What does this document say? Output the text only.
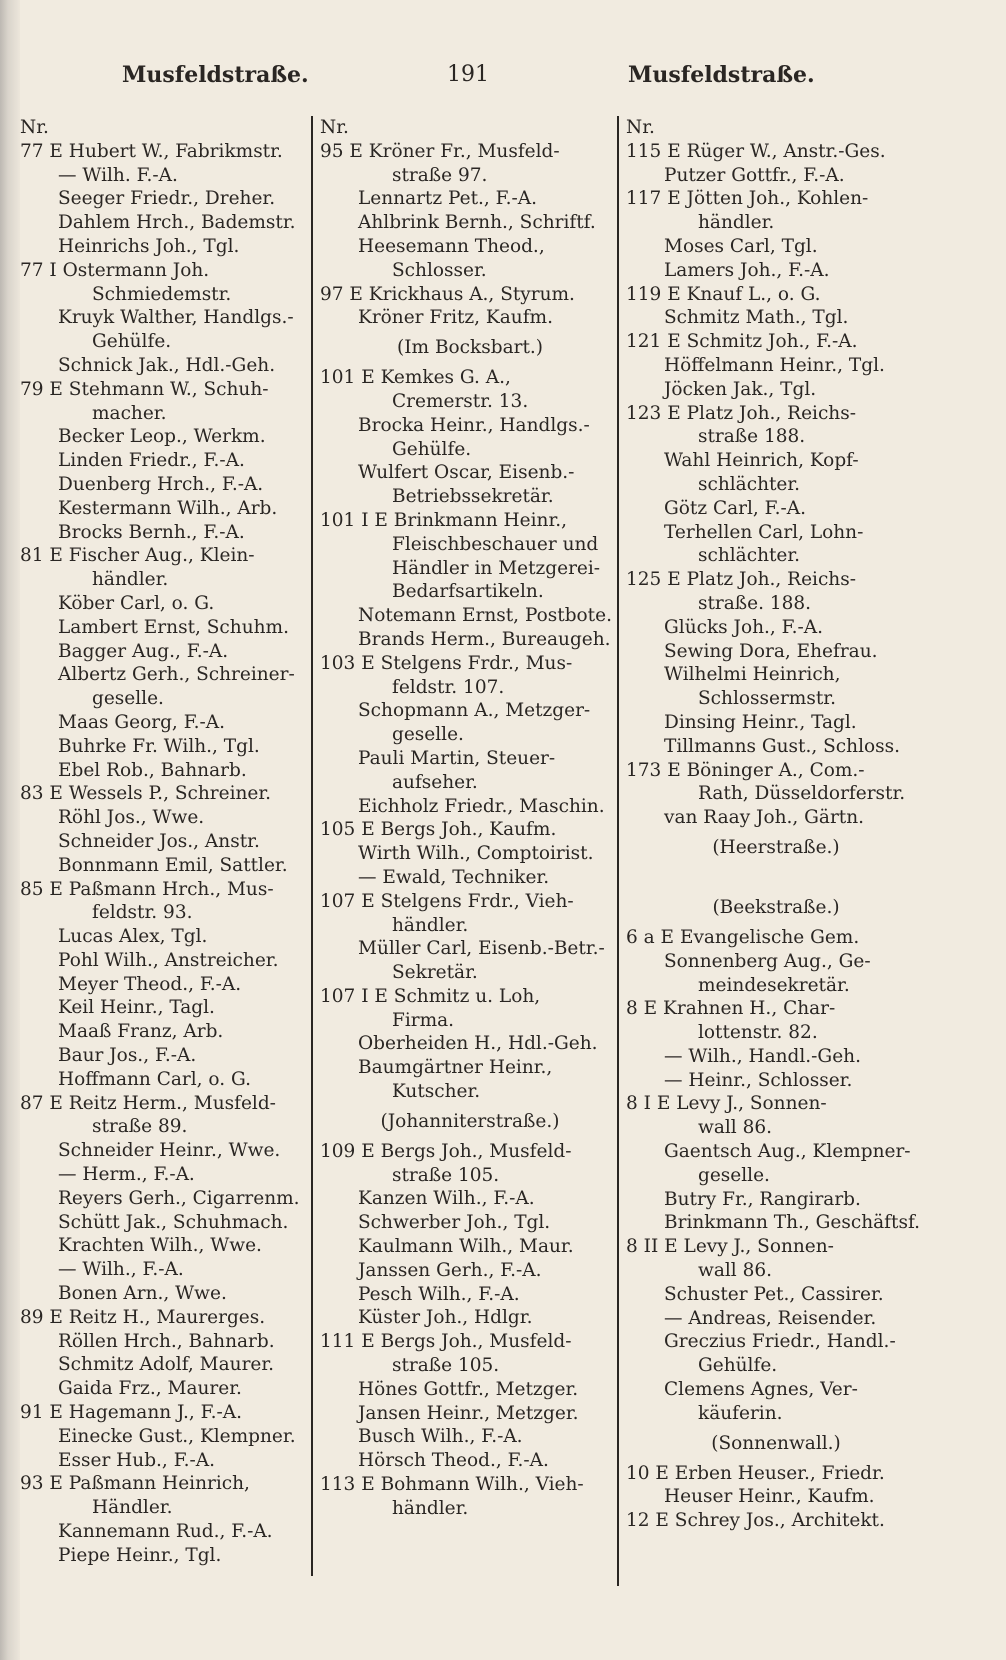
Musfeldstraße.	191	Musfeldstraße.
Nr.
77 E Hubert W., Fabrikmstr.
— Wilh. F.-A.
Seeger Friedr., Dreher.
Dahlem Hrch., Bademstr.
Heinrichs Joh., Tgl.
77 I Ostermann Joh.
Schmiedemstr.
Kruyk Walther, Handlgs.-
Gehülfe.
Schnick Jak., Hdl.-Geh.
79 E Stehmann W., Schuh-
macher.
Becker Leop., Werkm.
Linden Friedr., F.-A.
Duenberg Hrch., F.-A.
Kestermann Wilh., Arb.
Brocks Bernh., F.-A.
81 E Fischer Aug., Klein-
händler.
Köber Carl, o. G.
Lambert Ernst, Schuhm.
Bagger Aug., F.-A.
Albertz Gerh., Schreiner-
geselle.
Maas Georg, F.-A.
Buhrke Fr. Wilh., Tgl.
Ebel Rob., Bahnarb.
83 E Wessels P., Schreiner.
Röhl Jos., Wwe.
Schneider Jos., Anstr.
Bonnmann Emil, Sattler.
85 E Paßmann Hrch., Mus-
feldstr. 93.
Lucas Alex, Tgl.
Pohl Wilh., Anstreicher.
Meyer Theod., F.-A.
Keil Heinr., Tagl.
Maaß Franz, Arb.
Baur Jos., F.-A.
Hoffmann Carl, o. G.
87 E Reitz Herm., Musfeld-
straße 89.
Schneider Heinr., Wwe.
— Herm., F.-A.
Reyers Gerh., Cigarrenm.
Schütt Jak., Schuhmach.
Krachten Wilh., Wwe.
— Wilh., F.-A.
Bonen Arn., Wwe.
89 E Reitz H., Maurerges.
Röllen Hrch., Bahnarb.
Schmitz Adolf, Maurer.
Gaida Frz., Maurer.
91 E Hagemann J., F.-A.
Einecke Gust., Klempner.
Esser Hub., F.-A.
93 E Paßmann Heinrich,
Händler.
Kannemann Rud., F.-A.
Piepe Heinr., Tgl.
Nr.
95 E Kröner Fr., Musfeld-
straße 97.
Lennartz Pet., F.-A.
Ahlbrink Bernh., Schriftf.
Heesemann Theod.,
Schlosser.
97 E Krickhaus A., Styrum.
Kröner Fritz, Kaufm.
(Im Bocksbart.)
101 E Kemkes G. A.,
Cremerstr. 13.
Brocka Heinr., Handlgs.-
Gehülfe.
Wulfert Oscar, Eisenb.-
Betriebssekretär.
101 I E Brinkmann Heinr.,
Fleischbeschauer und
Händler in Metzgerei-
Bedarfsartikeln.
Notemann Ernst, Postbote.
Brands Herm., Bureaugeh.
103 E Stelgens Frdr., Mus-
feldstr. 107.
Schopmann A., Metzger-
geselle.
Pauli Martin, Steuer-
aufseher.
Eichholz Friedr., Maschin.
105 E Bergs Joh., Kaufm.
Wirth Wilh., Comptoirist.
— Ewald, Techniker.
107 E Stelgens Frdr., Vieh-
händler.
Müller Carl, Eisenb.-Betr.-
Sekretär.
107 I E Schmitz u. Loh,
Firma.
Oberheiden H., Hdl.-Geh.
Baumgärtner Heinr.,
Kutscher.
(Johanniterstraße.)
109 E Bergs Joh., Musfeld-
straße 105.
Kanzen Wilh., F.-A.
Schwerber Joh., Tgl.
Kaulmann Wilh., Maur.
Janssen Gerh., F.-A.
Pesch Wilh., F.-A.
Küster Joh., Hdlgr.
111 E Bergs Joh., Musfeld-
straße 105.
Hönes Gottfr., Metzger.
Jansen Heinr., Metzger.
Busch Wilh., F.-A.
Hörsch Theod., F.-A.
113 E Bohmann Wilh., Vieh-
händler.
Nr.
115 E Rüger W., Anstr.-Ges.
Putzer Gottfr., F.-A.
117 E Jötten Joh., Kohlen-
händler.
Moses Carl, Tgl.
Lamers Joh., F.-A.
119 E Knauf L., o. G.
Schmitz Math., Tgl.
121 E Schmitz Joh., F.-A.
Höffelmann Heinr., Tgl.
Jöcken Jak., Tgl.
123 E Platz Joh., Reichs-
straße 188.
Wahl Heinrich, Kopf-
schlächter.
Götz Carl, F.-A.
Terhellen Carl, Lohn-
schlächter.
125 E Platz Joh., Reichs-
straße. 188.
Glücks Joh., F.-A.
Sewing Dora, Ehefrau.
Wilhelmi Heinrich,
Schlossermstr.
Dinsing Heinr., Tagl.
Tillmanns Gust., Schloss.
173 E Böninger A., Com.-
Rath, Düsseldorferstr.
van Raay Joh., Gärtn.
(Heerstraße.)
(Beekstraße.)
6 a E Evangelische Gem.
Sonnenberg Aug., Ge-
meindesekretär.
8 E Krahnen H., Char-
lottenstr. 82.
— Wilh., Handl.-Geh.
— Heinr., Schlosser.
8 I E Levy J., Sonnen-
wall 86.
Gaentsch Aug., Klempner-
geselle.
Butry Fr., Rangirarb.
Brinkmann Th., Geschäftsf.
8 II E Levy J., Sonnen-
wall 86.
Schuster Pet., Cassirer.
— Andreas, Reisender.
Greczius Friedr., Handl.-
Gehülfe.
Clemens Agnes, Ver-
käuferin.
(Sonnenwall.)
10 E Erben Heuser., Friedr.
Heuser Heinr., Kaufm.
12 E Schrey Jos., Architekt.
